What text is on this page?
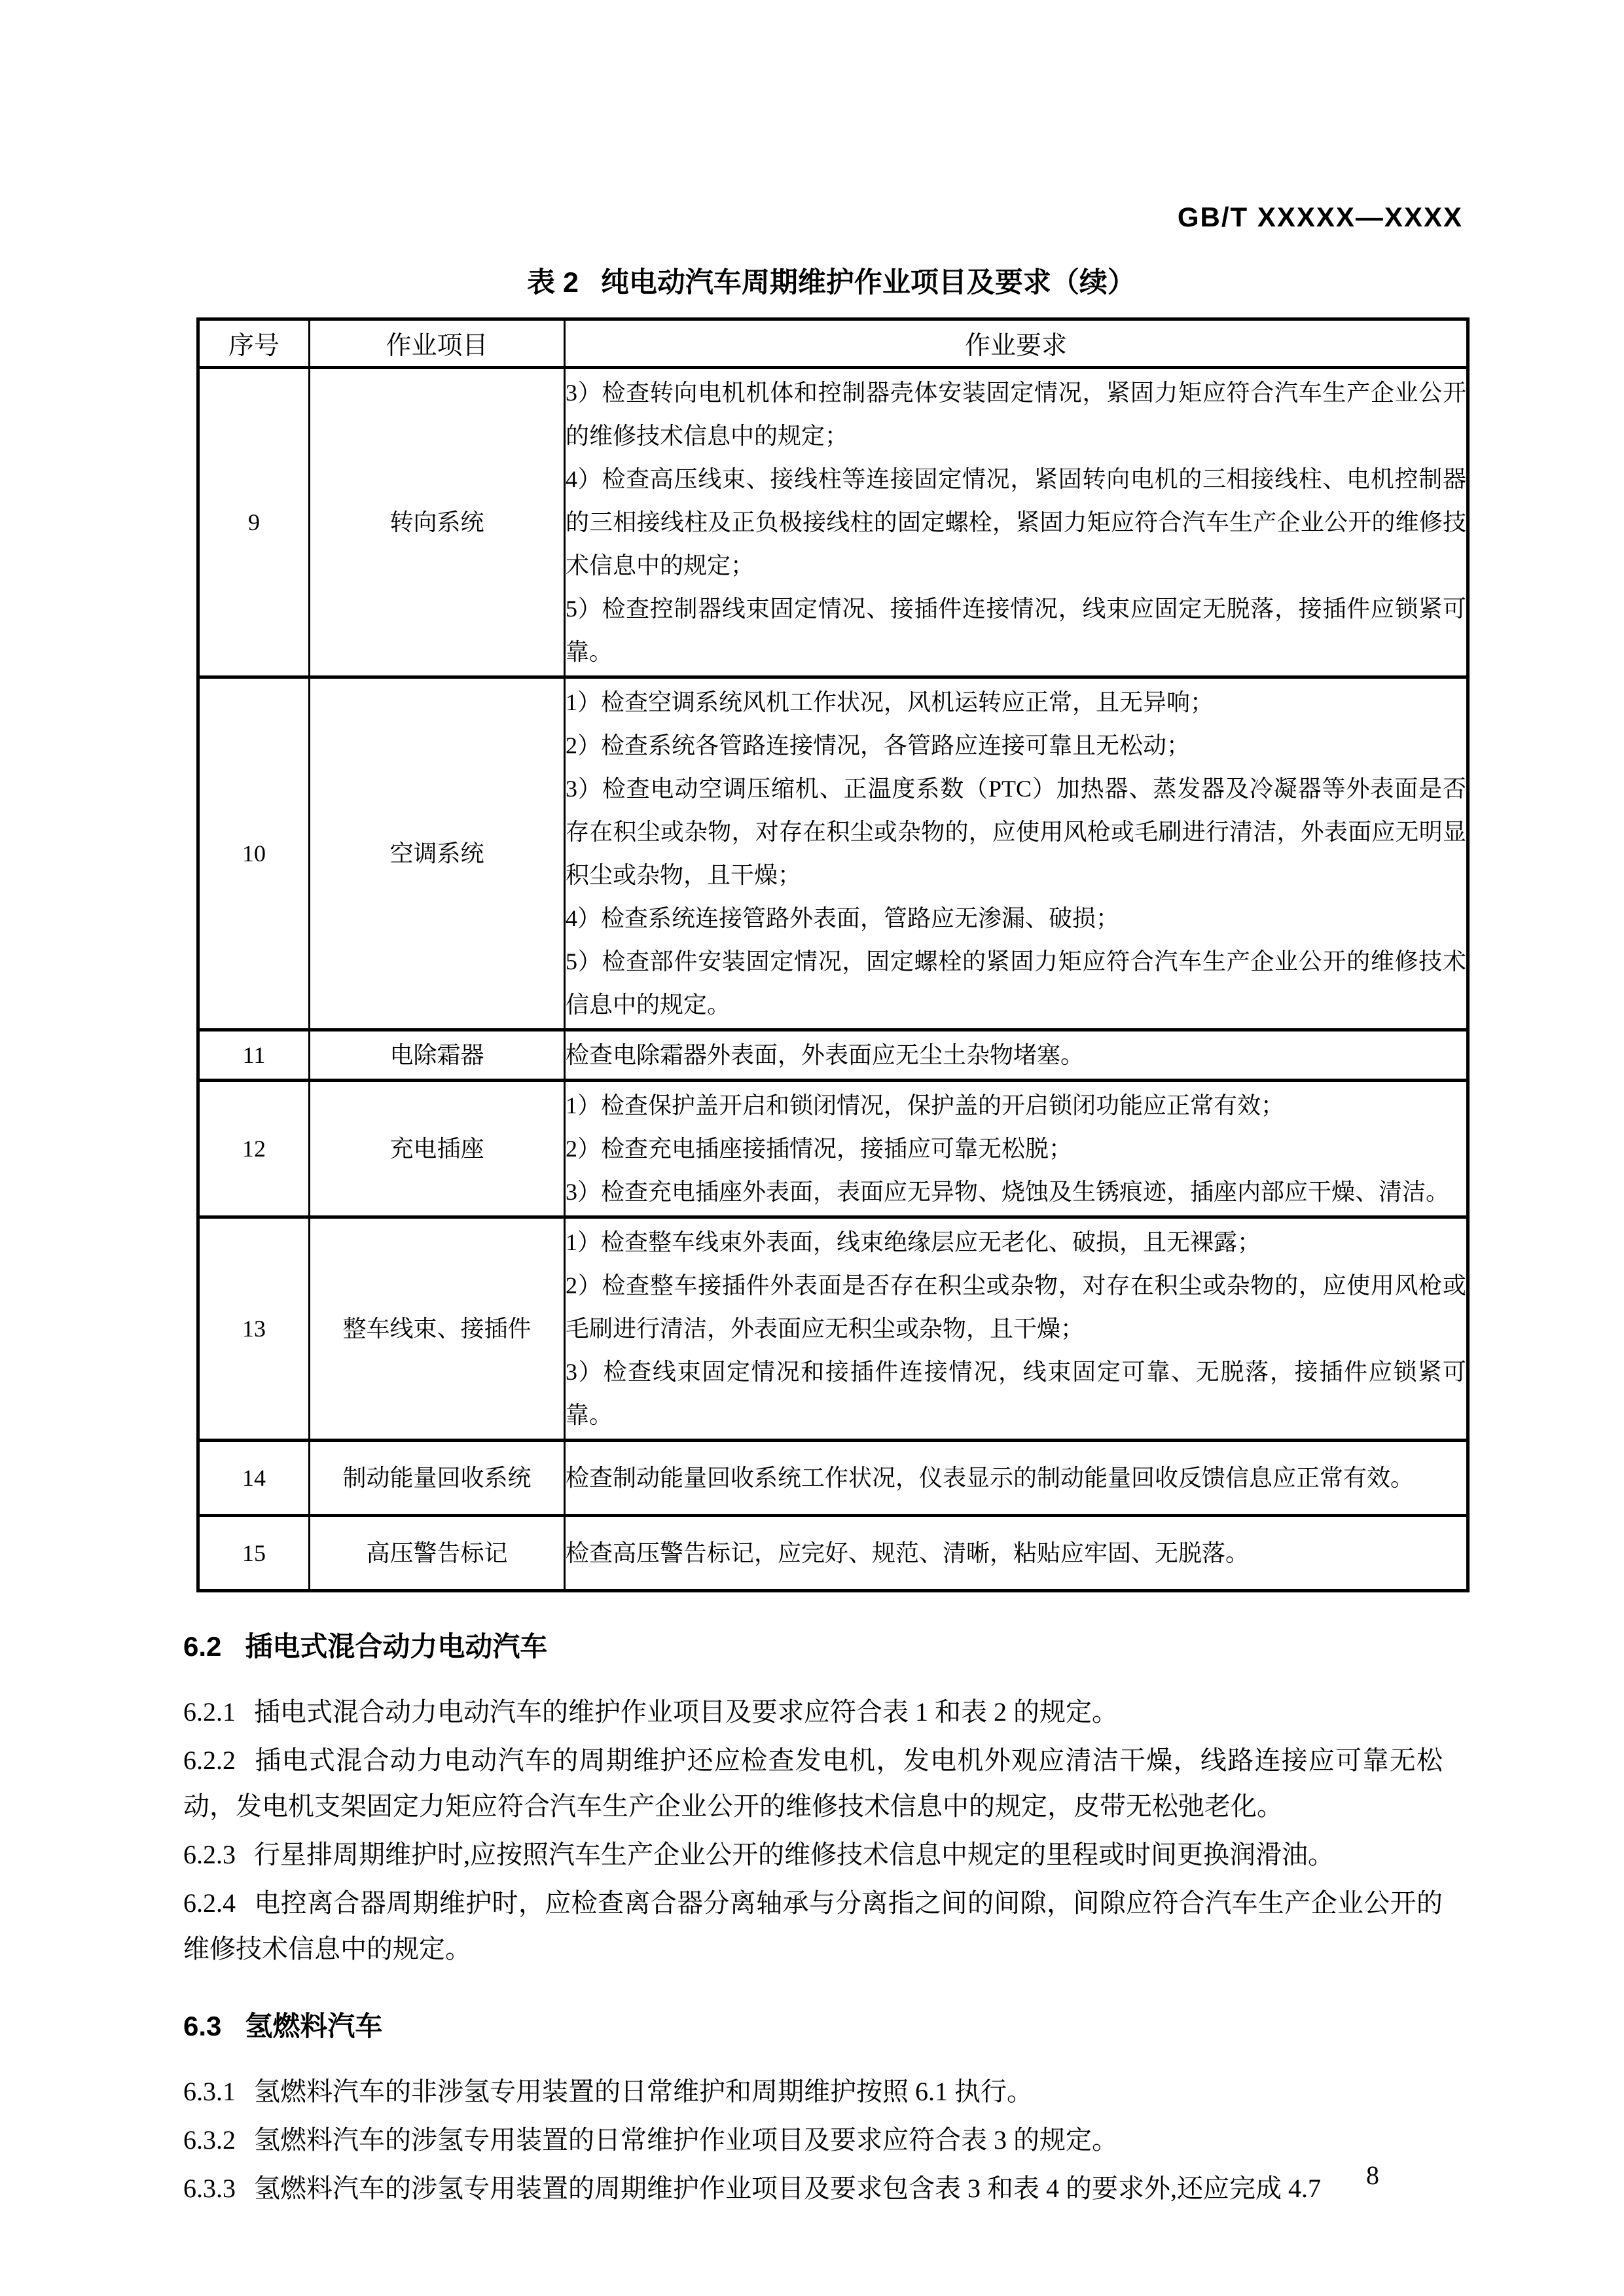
GB/T XXXXX—XXXX
表 2 纯电动汽车周期维护作业项目及要求（续）
序号	作业项目	作业要求
9	转向系统	3）检查转向电机机体和控制器壳体安装固定情况，紧固力矩应符合汽车生产企业公开的维修技术信息中的规定；
4）检查高压线束、接线柱等连接固定情况，紧固转向电机的三相接线柱、电机控制器的三相接线柱及正负极接线柱的固定螺栓，紧固力矩应符合汽车生产企业公开的维修技术信息中的规定；
5）检查控制器线束固定情况、接插件连接情况，线束应固定无脱落，接插件应锁紧可靠。

10	空调系统	1）检查空调系统风机工作状况，风机运转应正常，且无异响；
2）检查系统各管路连接情况，各管路应连接可靠且无松动；
3）检查电动空调压缩机、正温度系数（PTC）加热器、蒸发器及冷凝器等外表面是否存在积尘或杂物，对存在积尘或杂物的，应使用风枪或毛刷进行清洁，外表面应无明显积尘或杂物，且干燥；
4）检查系统连接管路外表面，管路应无渗漏、破损；
5）检查部件安装固定情况，固定螺栓的紧固力矩应符合汽车生产企业公开的维修技术信息中的规定。

11	电除霜器	检查电除霜器外表面，外表面应无尘土杂物堵塞。

12	充电插座	1）检查保护盖开启和锁闭情况，保护盖的开启锁闭功能应正常有效；
2）检查充电插座接插情况，接插应可靠无松脱；
3）检查充电插座外表面，表面应无异物、烧蚀及生锈痕迹，插座内部应干燥、清洁。

13	整车线束、接插件	1）检查整车线束外表面，线束绝缘层应无老化、破损，且无裸露；
2）检查整车接插件外表面是否存在积尘或杂物，对存在积尘或杂物的，应使用风枪或毛刷进行清洁，外表面应无积尘或杂物，且干燥；
3）检查线束固定情况和接插件连接情况，线束固定可靠、无脱落，接插件应锁紧可靠。

14	制动能量回收系统	检查制动能量回收系统工作状况，仪表显示的制动能量回收反馈信息应正常有效。

15	高压警告标记	检查高压警告标记，应完好、规范、清晰，粘贴应牢固、无脱落。
6.2 插电式混合动力电动汽车

6.2.1 插电式混合动力电动汽车的维护作业项目及要求应符合表 1 和表 2 的规定。

6.2.2 插电式混合动力电动汽车的周期维护还应检查发电机，发电机外观应清洁干燥，线路连接应可靠无松动，发电机支架固定力矩应符合汽车生产企业公开的维修技术信息中的规定，皮带无松弛老化。

6.2.3 行星排周期维护时,应按照汽车生产企业公开的维修技术信息中规定的里程或时间更换润滑油。

6.2.4 电控离合器周期维护时，应检查离合器分离轴承与分离指之间的间隙，间隙应符合汽车生产企业公开的维修技术信息中的规定。

6.3 氢燃料汽车

6.3.1 氢燃料汽车的非涉氢专用装置的日常维护和周期维护按照 6.1 执行。

6.3.2 氢燃料汽车的涉氢专用装置的日常维护作业项目及要求应符合表 3 的规定。

6.3.3 氢燃料汽车的涉氢专用装置的周期维护作业项目及要求包含表 3 和表 4 的要求外,还应完成 4.7	8
